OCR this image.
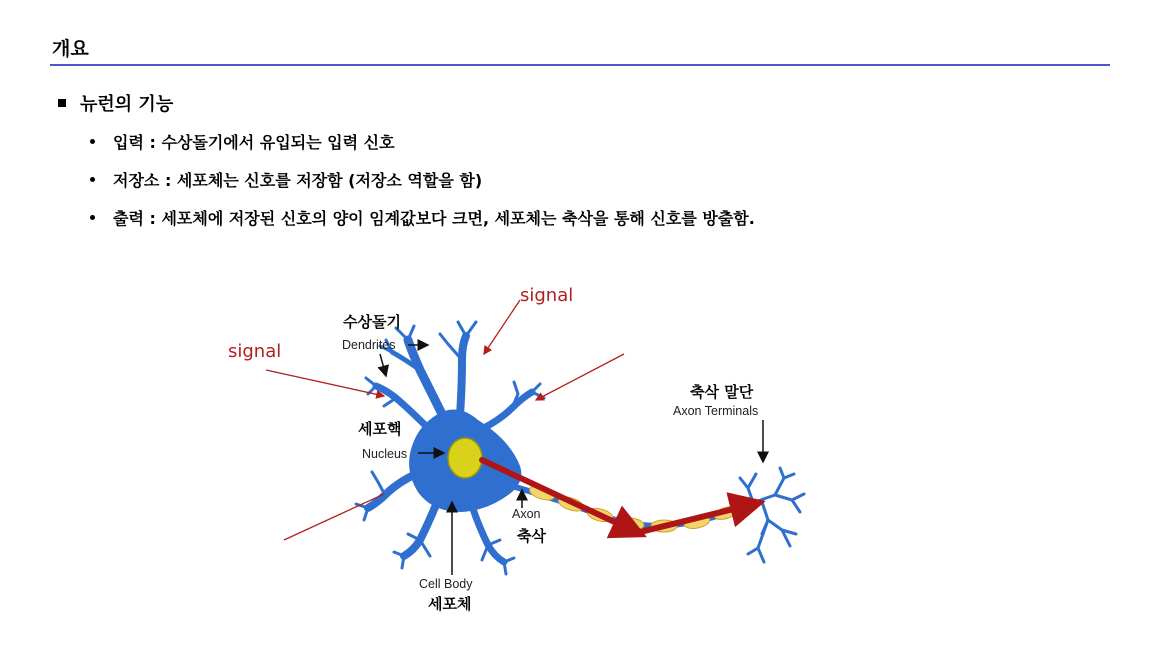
개요
뉴런의 기능
입력 : 수상돌기에서 유입되는 입력 신호
저장소 : 세포체는 신호를 저장함 (저장소 역할을 함)
출력 : 세포체에 저장된 신호의 양이 임계값보다 크면, 세포체는 축삭을 통해 신호를 방출함.
signal
signal
수상돌기
Dendrites
세포핵
Nucleus
Axon
축삭
Cell Body
세포체
축삭 말단
Axon Terminals
